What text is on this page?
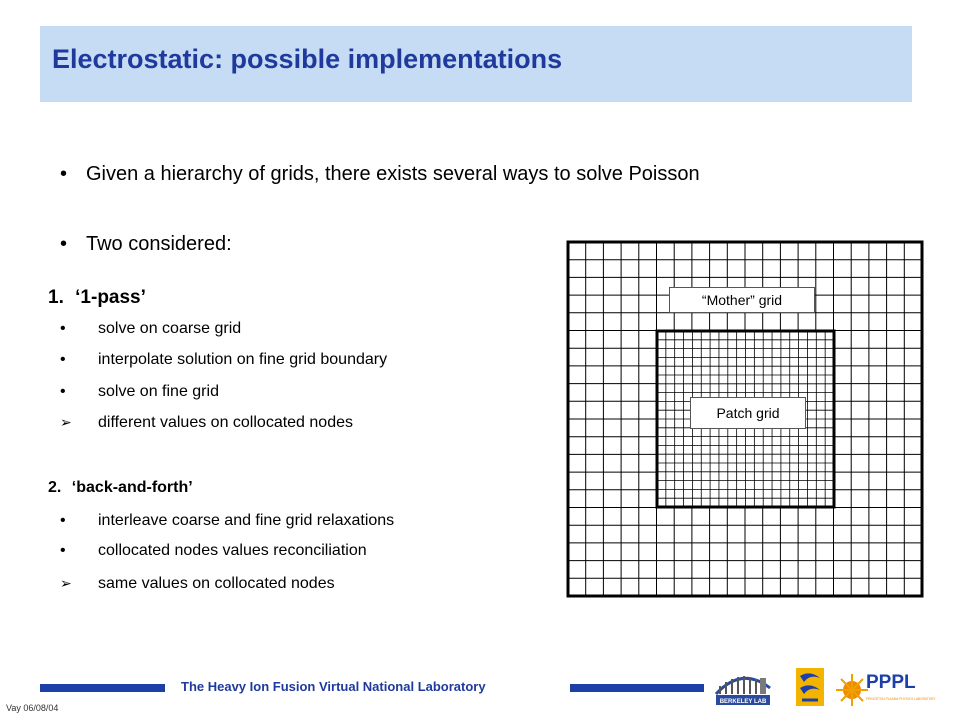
Electrostatic: possible implementations
• Given a hierarchy of grids, there exists several ways to solve Poisson
• Two considered:
1. ‘1-pass’
• solve on coarse grid
• interpolate solution on fine grid boundary
• solve on fine grid
➢ different values on collocated nodes
2. ‘back-and-forth’
• interleave coarse and fine grid relaxations
• collocated nodes values reconciliation
➢ same values on collocated nodes
“Mother” grid
Patch grid
The Heavy Ion Fusion Virtual National Laboratory
Vay 06/08/04
BERKELEY LAB
PPPL
PRINCETON PLASMA PHYSICS LABORATORY
